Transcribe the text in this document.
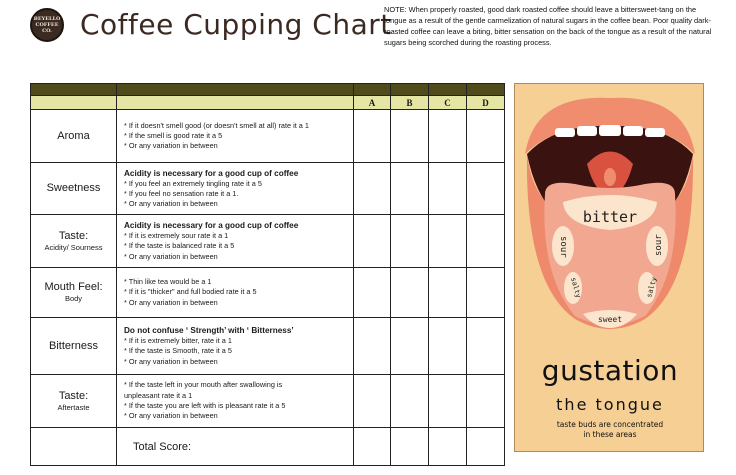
BEYELLO COFFEE CO.	Coffee Cupping Chart
NOTE: When properly roasted, good dark roasted coffee should leave a bittersweet-tang on the tongue as a result of the gentle carmelization of natural sugars in the coffee bean. Poor quality dark-roasted coffee can leave a biting, bitter sensation on the back of the tongue as a result of the natural sugars being scorched during the roasting process.

		A	B	C	D
Aroma	* If it doesn't smell good (or doesn't smell at all) rate it a 1
* If the smell is good rate it a 5
* Or any variation in between				

Sweetness	Acidity is necessary for a good cup of coffee
* If you feel an extremely tingling rate it a 5
* If you feel no sensation rate it a 1.
* Or any variation in between				

Taste:
Acidity/ Sourness	Acidity is necessary for a good cup of coffee
* If it is extremely sour rate it a 1
* If the taste is balanced rate it a 5
* Or any variation in between				

Mouth Feel:
Body	* Thin like tea would be a 1
* If it is "thicker" and full bodied rate it a 5
* Or any variation in between				

Bitterness	Do not confuse ‘ Strength’ with ‘ Bitterness’
* If it is extremely bitter, rate it a 1
* If the taste is Smooth, rate it a 5
* Or any variation in between				

Taste:
Aftertaste	* If the taste left in your mouth after swallowing is
unpleasant rate it a 1
* If the taste you are left with is pleasant rate it a 5
* Or any variation in between				

	Total Score:				
bitter
sour	sour
salty	salty
sweet
gustation
the tongue
taste buds are concentrated
in these areas
